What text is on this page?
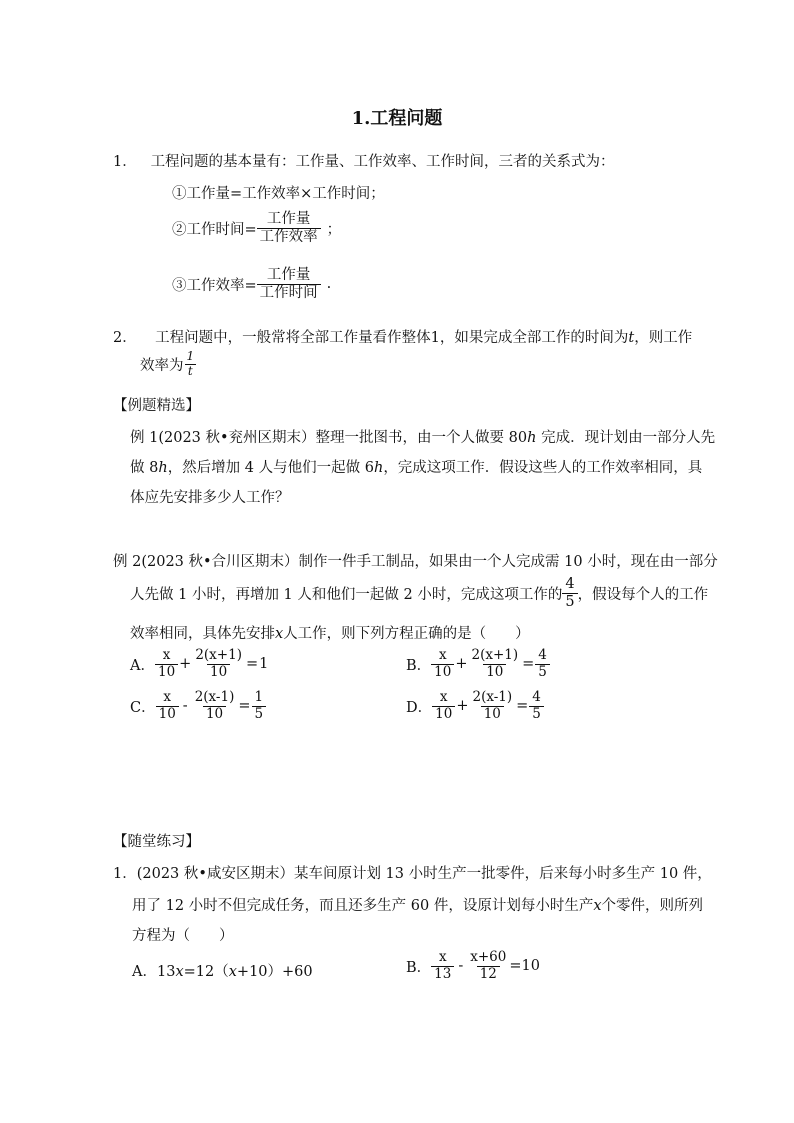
1.工程问题
1． 工程问题的基本量有：工作量、工作效率、工作时间，三者的关系式为：
①工作量=工作效率×工作时间；
②工作时间= $\frac{\text{工作量}}{\text{工作效率}}$ ；
③工作效率= $\frac{\text{工作量}}{\text{工作时间}}$ .
2． 工程问题中，一般常将全部工作量看作整体1，如果完成全部工作的时间为t，则工作
效率为 $\frac{1}{t}$
【例题精选】
例 1(2023 秋•兖州区期末）整理一批图书，由一个人做要 80h 完成．现计划由一部分人先
做 8h，然后增加 4 人与他们一起做 6h，完成这项工作．假设这些人的工作效率相同，具
体应先安排多少人工作？
例 2(2023 秋•合川区期末）制作一件手工制品，如果由一个人完成需 10 小时，现在由一部分
人先做 1 小时，再增加 1 人和他们一起做 2 小时，完成这项工作的 $\frac{4}{5}$ ，假设每个人的工作
效率相同，具体先安排x人工作，则下列方程正确的是（　　）
A． $\frac{x}{10} + \frac{2(x+1)}{10} = 1$	B． $\frac{x}{10} + \frac{2(x+1)}{10} = \frac{4}{5}$
C． $\frac{x}{10} - \frac{2(x-1)}{10} = \frac{1}{5}$	D． $\frac{x}{10} + \frac{2(x-1)}{10} = \frac{4}{5}$
【随堂练习】
1．(2023 秋•咸安区期末）某车间原计划 13 小时生产一批零件，后来每小时多生产 10 件，
用了 12 小时不但完成任务，而且还多生产 60 件，设原计划每小时生产x个零件，则所列
方程为（　　）
A．13x=12（x+10）+60	B． $\frac{x}{13} - \frac{x+60}{12} =10$
